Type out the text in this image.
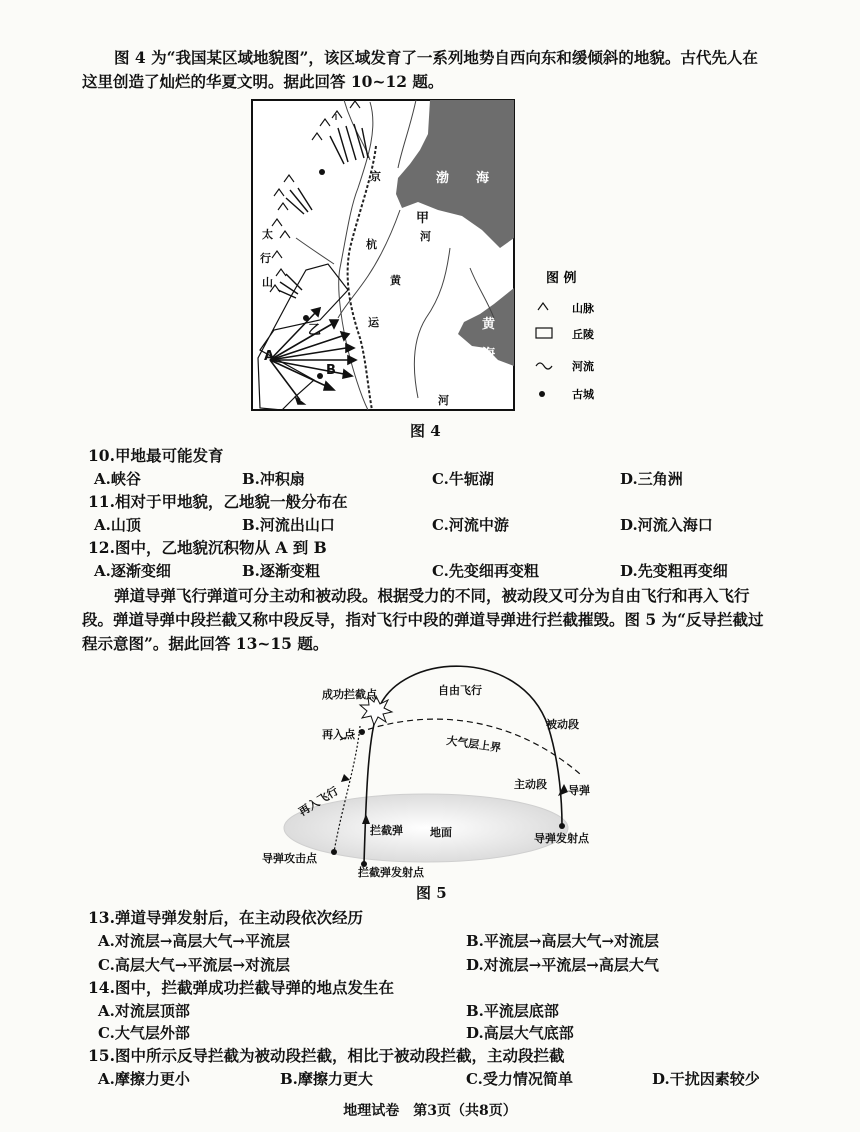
图 4 为“我国某区域地貌图”，该区域发育了一系列地势自西向东和缓倾斜的地貌。古代先人在
这里创造了灿烂的华夏文明。据此回答 10~12 题。
渤 海
黄
海
甲
乙
A
B
京
杭
运
河
河
黄
太
行
山	图 例
山脉
丘陵
河流
古城
图 4
10.甲地最可能发育
A.峡谷	B.冲积扇	C.牛轭湖	D.三角洲
11.相对于甲地貌，乙地貌一般分布在
A.山顶	B.河流出山口	C.河流中游	D.河流入海口
12.图中，乙地貌沉积物从 A 到 B
A.逐渐变细	B.逐渐变粗	C.先变细再变粗	D.先变粗再变细
弹道导弹飞行弹道可分主动和被动段。根据受力的不同，被动段又可分为自由飞行和再入飞行
段。弹道导弹中段拦截又称中段反导，指对飞行中段的弹道导弹进行拦截摧毁。图 5 为“反导拦截过
程示意图”。据此回答 13~15 题。
成功拦截点	自由飞行
被动段
再入点	大气层上界
再入飞行	主动段 导弹
拦截弹 地面	导弹发射点
导弹攻击点
拦截弹发射点
图 5
13.弹道导弹发射后，在主动段依次经历
A.对流层→高层大气→平流层	B.平流层→高层大气→对流层
C.高层大气→平流层→对流层	D.对流层→平流层→高层大气
14.图中，拦截弹成功拦截导弹的地点发生在
A.对流层顶部	B.平流层底部
C.大气层外部	D.高层大气底部
15.图中所示反导拦截为被动段拦截，相比于被动段拦截，主动段拦截
A.摩擦力更小	B.摩擦力更大	C.受力情况简单	D.干扰因素较少
地理试卷　第3页（共8页）
